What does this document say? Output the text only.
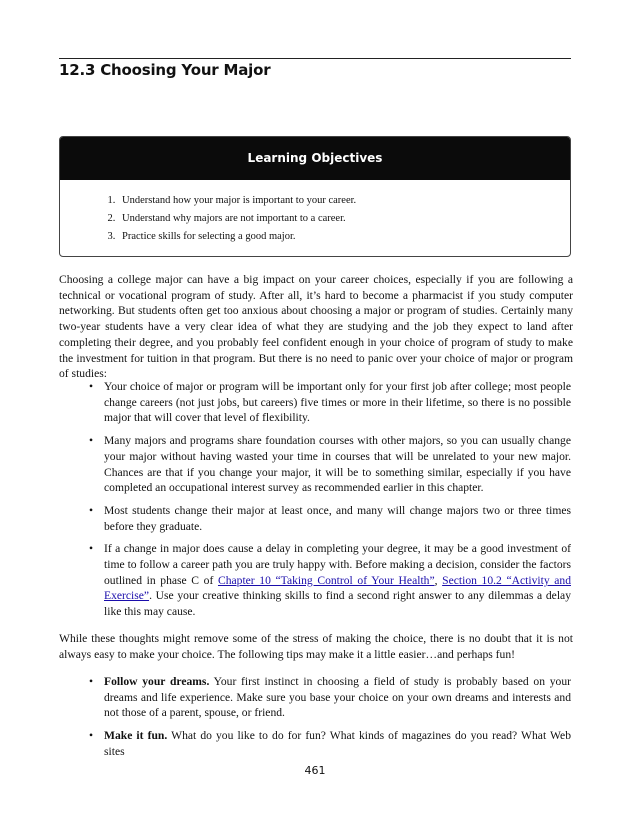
12.3 Choosing Your Major
Learning Objectives
1. Understand how your major is important to your career.
2. Understand why majors are not important to a career.
3. Practice skills for selecting a good major.

Choosing a college major can have a big impact on your career choices, especially if you are following a technical or vocational program of study. After all, it’s hard to become a pharmacist if you study computer networking. But students often get too anxious about choosing a major or program of studies. Certainly many two-year students have a very clear idea of what they are studying and the job they expect to land after completing their degree, and you probably feel confident enough in your choice of program of study to make the investment for tuition in that program. But there is no need to panic over your choice of major or program of studies:

• Your choice of major or program will be important only for your first job after college; most people change careers (not just jobs, but careers) five times or more in their lifetime, so there is no possible major that will cover that level of flexibility.
• Many majors and programs share foundation courses with other majors, so you can usually change your major without having wasted your time in courses that will be unrelated to your new major. Chances are that if you change your major, it will be to something similar, especially if you have completed an occupational interest survey as recommended earlier in this chapter.
• Most students change their major at least once, and many will change majors two or three times before they graduate.
• If a change in major does cause a delay in completing your degree, it may be a good investment of time to follow a career path you are truly happy with. Before making a decision, consider the factors outlined in phase C of Chapter 10 “Taking Control of Your Health”, Section 10.2 “Activity and Exercise”. Use your creative thinking skills to find a second right answer to any dilemmas a delay like this may cause.

While these thoughts might remove some of the stress of making the choice, there is no doubt that it is not always easy to make your choice. The following tips may make it a little easier…and perhaps fun!

• Follow your dreams. Your first instinct in choosing a field of study is probably based on your dreams and life experience. Make sure you base your choice on your own dreams and interests and not those of a parent, spouse, or friend.
• Make it fun. What do you like to do for fun? What kinds of magazines do you read? What Web sites

461
